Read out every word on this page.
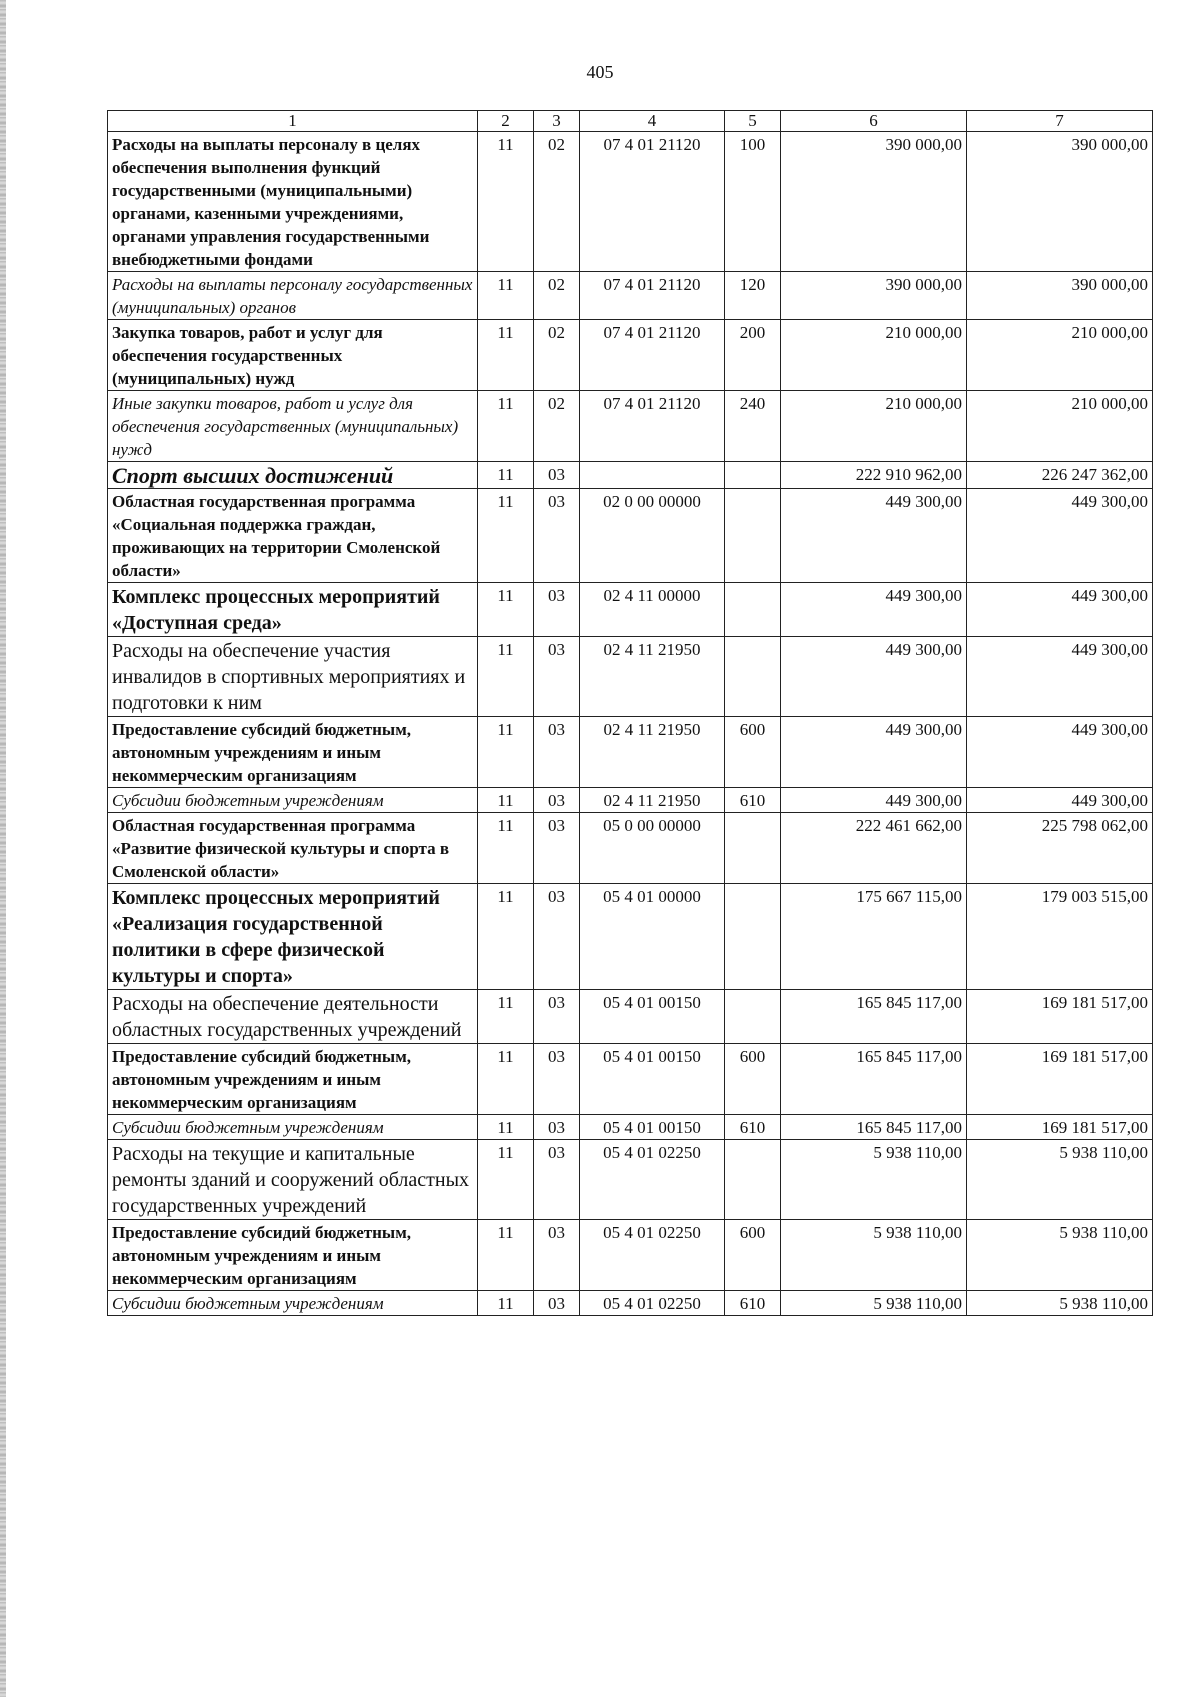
405
1	2	3	4	5	6	7
Расходы на выплаты персоналу в целях обеспечения выполнения функций государственными (муниципальными) органами, казенными учреждениями, органами управления государственными внебюджетными фондами	11	02	07 4 01 21120	100	390 000,00	390 000,00
Расходы на выплаты персоналу государственных (муниципальных) органов	11	02	07 4 01 21120	120	390 000,00	390 000,00
Закупка товаров, работ и услуг для обеспечения государственных (муниципальных) нужд	11	02	07 4 01 21120	200	210 000,00	210 000,00
Иные закупки товаров, работ и услуг для обеспечения государственных (муниципальных) нужд	11	02	07 4 01 21120	240	210 000,00	210 000,00
Спорт высших достижений	11	03			222 910 962,00	226 247 362,00
Областная государственная программа «Социальная поддержка граждан, проживающих на территории Смоленской области»	11	03	02 0 00 00000		449 300,00	449 300,00
Комплекс процессных мероприятий «Доступная среда»	11	03	02 4 11 00000		449 300,00	449 300,00
Расходы на обеспечение участия инвалидов в спортивных мероприятиях и подготовки к ним	11	03	02 4 11 21950		449 300,00	449 300,00
Предоставление субсидий бюджетным, автономным учреждениям и иным некоммерческим организациям	11	03	02 4 11 21950	600	449 300,00	449 300,00
Субсидии бюджетным учреждениям	11	03	02 4 11 21950	610	449 300,00	449 300,00
Областная государственная программа «Развитие физической культуры и спорта в Смоленской области»	11	03	05 0 00 00000		222 461 662,00	225 798 062,00
Комплекс процессных мероприятий «Реализация государственной политики в сфере физической культуры и спорта»	11	03	05 4 01 00000		175 667 115,00	179 003 515,00
Расходы на обеспечение деятельности областных государственных учреждений	11	03	05 4 01 00150		165 845 117,00	169 181 517,00
Предоставление субсидий бюджетным, автономным учреждениям и иным некоммерческим организациям	11	03	05 4 01 00150	600	165 845 117,00	169 181 517,00
Субсидии бюджетным учреждениям	11	03	05 4 01 00150	610	165 845 117,00	169 181 517,00
Расходы на текущие и капитальные ремонты зданий и сооружений областных государственных учреждений	11	03	05 4 01 02250		5 938 110,00	5 938 110,00
Предоставление субсидий бюджетным, автономным учреждениям и иным некоммерческим организациям	11	03	05 4 01 02250	600	5 938 110,00	5 938 110,00
Субсидии бюджетным учреждениям	11	03	05 4 01 02250	610	5 938 110,00	5 938 110,00
